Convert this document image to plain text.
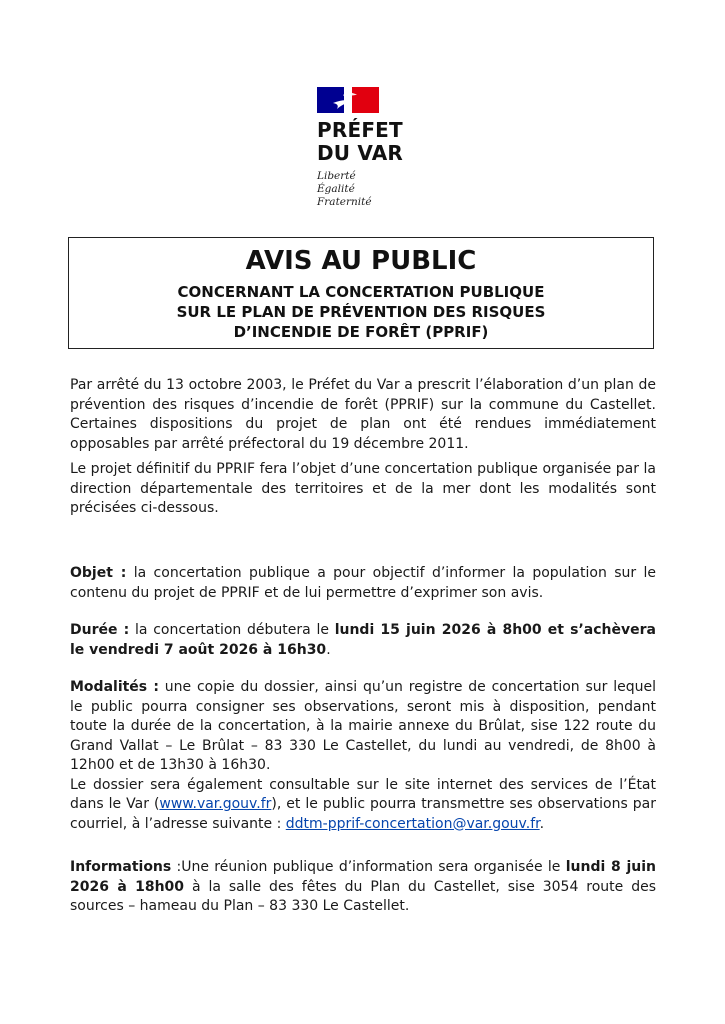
PRÉFET
DU VAR
Liberté
Égalité
Fraternité
AVIS AU PUBLIC
CONCERNANT LA CONCERTATION PUBLIQUE
SUR LE PLAN DE PRÉVENTION DES RISQUES
D’INCENDIE DE FORÊT (PPRIF)

Par arrêté du 13 octobre 2003, le Préfet du Var a prescrit l’élaboration d’un plan de prévention des risques d’incendie de forêt (PPRIF) sur la commune du Castellet. Certaines dispositions du projet de plan ont été rendues immédiatement opposables par arrêté préfectoral du 19 décembre 2011.

Le projet définitif du PPRIF fera l’objet d’une concertation publique organisée par la direction départementale des territoires et de la mer dont les modalités sont précisées ci-dessous.

Objet : la concertation publique a pour objectif d’informer la population sur le contenu du projet de PPRIF et de lui permettre d’exprimer son avis.

Durée : la concertation débutera le lundi 15 juin 2026 à 8h00 et s’achèvera le vendredi 7 août 2026 à 16h30.

Modalités : une copie du dossier, ainsi qu’un registre de concertation sur lequel le public pourra consigner ses observations, seront mis à disposition, pendant toute la durée de la concertation, à la mairie annexe du Brûlat, sise 122 route du Grand Vallat – Le Brûlat – 83 330 Le Castellet, du lundi au vendredi, de 8h00 à 12h00 et de 13h30 à 16h30.

Le dossier sera également consultable sur le site internet des services de l’État dans le Var (www.var.gouv.fr), et le public pourra transmettre ses observations par courriel, à l’adresse suivante : ddtm-pprif-concertation@var.gouv.fr.

Informations :Une réunion publique d’information sera organisée le lundi 8 juin 2026 à 18h00 à la salle des fêtes du Plan du Castellet, sise 3054 route des sources – hameau du Plan – 83 330 Le Castellet.
